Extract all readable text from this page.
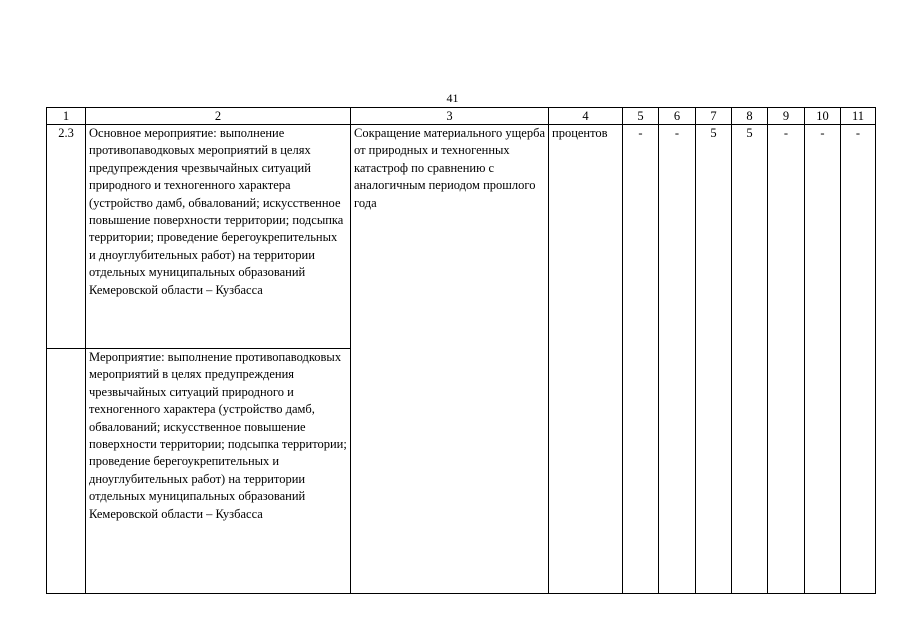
41
1	2	3	4	5	6	7	8	9	10	11
2.3	Основное мероприятие: выполнение противопаводковых мероприятий в целях предупреждения чрезвычайных ситуаций природного и техногенного характера (устройство дамб, обвалований; искусственное повышение поверхности территории; подсыпка территории; проведение берегоукрепительных и дноуглубительных работ) на территории отдельных муниципальных образований Кемеровской области – Кузбасса	Сокращение материального ущерба от природных и техногенных катастроф по сравнению с аналогичным периодом прошлого года	процентов	-	-	5	5	-	-	-
	Мероприятие: выполнение противопаводковых мероприятий в целях предупреждения чрезвычайных ситуаций природного и техногенного характера (устройство дамб, обвалований; искусственное повышение поверхности территории; подсыпка территории; проведение берегоукрепительных и дноуглубительных работ) на территории отдельных муниципальных образований Кемеровской области – Кузбасса									
